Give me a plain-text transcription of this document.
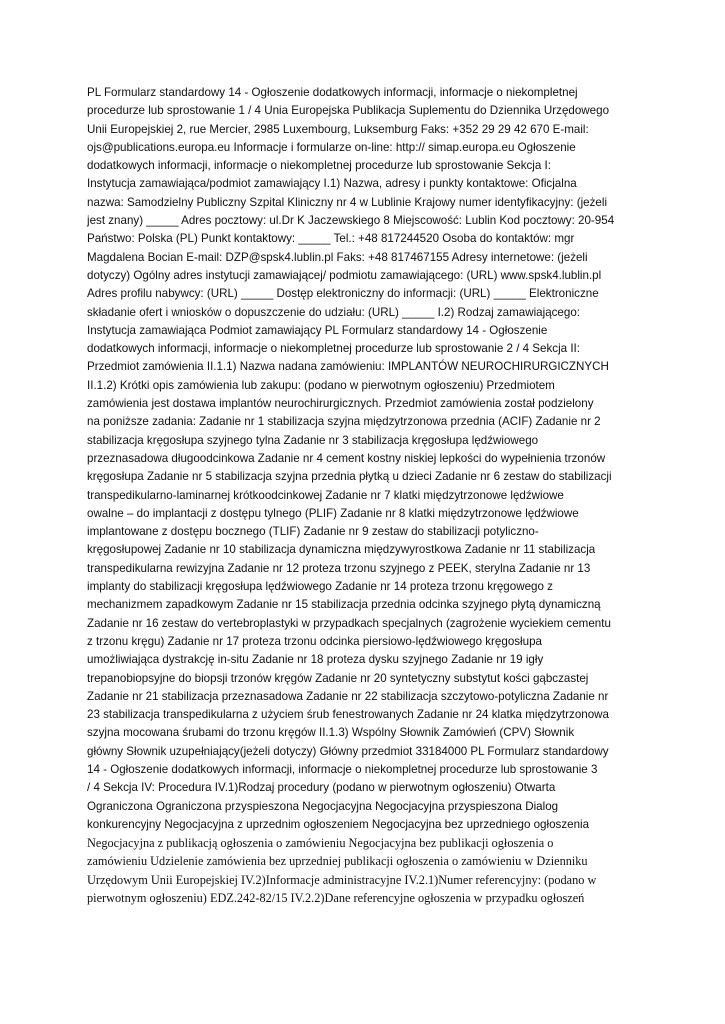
PL Formularz standardowy 14 - Ogłoszenie dodatkowych informacji, informacje o niekompletnej
procedurze lub sprostowanie 1 / 4 Unia Europejska Publikacja Suplementu do Dziennika Urzędowego
Unii Europejskiej 2, rue Mercier, 2985 Luxembourg, Luksemburg Faks: +352 29 29 42 670 E-mail:
ojs@publications.europa.eu Informacje i formularze on-line: http:// simap.europa.eu Ogłoszenie
dodatkowych informacji, informacje o niekompletnej procedurze lub sprostowanie Sekcja I:
Instytucja zamawiająca/podmiot zamawiający I.1) Nazwa, adresy i punkty kontaktowe: Oficjalna
nazwa: Samodzielny Publiczny Szpital Kliniczny nr 4 w Lublinie Krajowy numer identyfikacyjny: (jeżeli
jest znany) _____ Adres pocztowy: ul.Dr K Jaczewskiego 8 Miejscowość: Lublin Kod pocztowy: 20-954
Państwo: Polska (PL) Punkt kontaktowy: _____ Tel.: +48 817244520 Osoba do kontaktów: mgr
Magdalena Bocian E-mail: DZP@spsk4.lublin.pl Faks: +48 817467155 Adresy internetowe: (jeżeli
dotyczy) Ogólny adres instytucji zamawiającej/ podmiotu zamawiającego: (URL) www.spsk4.lublin.pl
Adres profilu nabywcy: (URL) _____ Dostęp elektroniczny do informacji: (URL) _____ Elektroniczne
składanie ofert i wniosków o dopuszczenie do udziału: (URL) _____ I.2) Rodzaj zamawiającego:
Instytucja zamawiająca Podmiot zamawiający PL Formularz standardowy 14 - Ogłoszenie
dodatkowych informacji, informacje o niekompletnej procedurze lub sprostowanie 2 / 4 Sekcja II:
Przedmiot zamówienia II.1.1) Nazwa nadana zamówieniu: IMPLANTÓW NEUROCHIRURGICZNYCH
II.1.2) Krótki opis zamówienia lub zakupu: (podano w pierwotnym ogłoszeniu) Przedmiotem
zamówienia jest dostawa implantów neurochirurgicznych. Przedmiot zamówienia został podzielony
na poniższe zadania: Zadanie nr 1 stabilizacja szyjna międzytrzonowa przednia (ACIF) Zadanie nr 2
stabilizacja kręgosłupa szyjnego tylna Zadanie nr 3 stabilizacja kręgosłupa lędźwiowego
przeznasadowa długoodcinkowa Zadanie nr 4 cement kostny niskiej lepkości do wypełnienia trzonów
kręgosłupa Zadanie nr 5 stabilizacja szyjna przednia płytką u dzieci Zadanie nr 6 zestaw do stabilizacji
transpedikularno-laminarnej krótkoodcinkowej Zadanie nr 7 klatki międzytrzonowe lędźwiowe
owalne – do implantacji z dostępu tylnego (PLIF) Zadanie nr 8 klatki międzytrzonowe lędźwiowe
implantowane z dostępu bocznego (TLIF) Zadanie nr 9 zestaw do stabilizacji potyliczno-
kręgosłupowej Zadanie nr 10 stabilizacja dynamiczna międzywyrostkowa Zadanie nr 11 stabilizacja
transpedikularna rewizyjna Zadanie nr 12 proteza trzonu szyjnego z PEEK, sterylna Zadanie nr 13
implanty do stabilizacji kręgosłupa lędźwiowego Zadanie nr 14 proteza trzonu kręgowego z
mechanizmem zapadkowym Zadanie nr 15 stabilizacja przednia odcinka szyjnego płytą dynamiczną
Zadanie nr 16 zestaw do vertebroplastyki w przypadkach specjalnych (zagrożenie wyciekiem cementu
z trzonu kręgu) Zadanie nr 17 proteza trzonu odcinka piersiowo-lędźwiowego kręgosłupa
umożliwiająca dystrakcję in-situ Zadanie nr 18 proteza dysku szyjnego Zadanie nr 19 igły
trepanobiopsyjne do biopsji trzonów kręgów Zadanie nr 20 syntetyczny substytut kości gąbczastej
Zadanie nr 21 stabilizacja przeznasadowa Zadanie nr 22 stabilizacja szczytowo-potyliczna Zadanie nr
23 stabilizacja transpedikularna z użyciem śrub fenestrowanych Zadanie nr 24 klatka międzytrzonowa
szyjna mocowana śrubami do trzonu kręgów II.1.3) Wspólny Słownik Zamówień (CPV) Słownik
główny Słownik uzupełniający(jeżeli dotyczy) Główny przedmiot 33184000 PL Formularz standardowy
14 - Ogłoszenie dodatkowych informacji, informacje o niekompletnej procedurze lub sprostowanie 3
/ 4 Sekcja IV: Procedura IV.1)Rodzaj procedury (podano w pierwotnym ogłoszeniu) Otwarta
Ograniczona Ograniczona przyspieszona Negocjacyjna Negocjacyjna przyspieszona Dialog
konkurencyjny Negocjacyjna z uprzednim ogłoszeniem Negocjacyjna bez uprzedniego ogłoszenia
Negocjacyjna z publikacją ogłoszenia o zamówieniu Negocjacyjna bez publikacji ogłoszenia o
zamówieniu Udzielenie zamówienia bez uprzedniej publikacji ogłoszenia o zamówieniu w Dzienniku
Urzędowym Unii Europejskiej IV.2)Informacje administracyjne IV.2.1)Numer referencyjny: (podano w
pierwotnym ogłoszeniu) EDZ.242-82/15 IV.2.2)Dane referencyjne ogłoszenia w przypadku ogłoszeń
